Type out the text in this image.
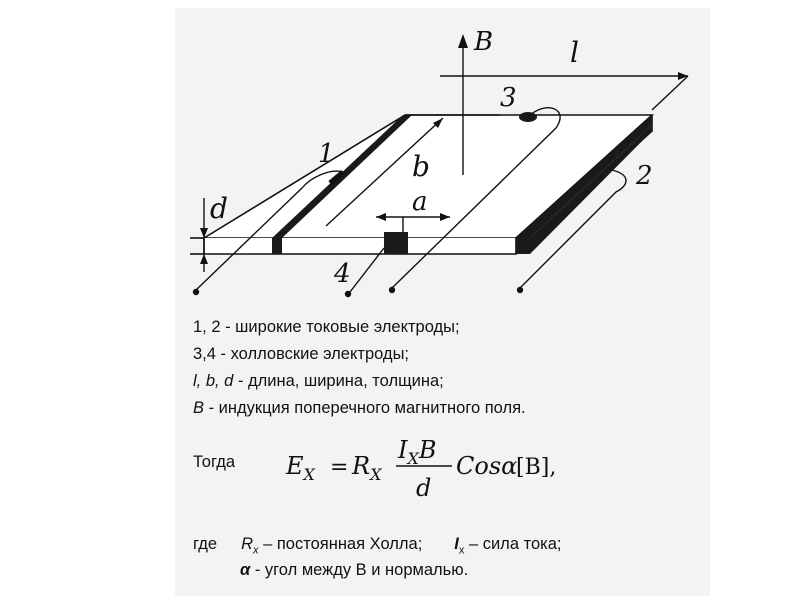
B	l
3
1	b	2
d	a
4
1, 2 - широкие токовые электроды;
3,4 - холловские электроды;
l, b, d - длина, ширина, толщина;
B - индукция поперечного магнитного поля.
Тогда $E_X = R_X$
$I_XB$
d
Cosα
[B],
где $R_x$ – постоянная Холла; $I_x$ – сила тока;
α - угол между В и нормалью.
